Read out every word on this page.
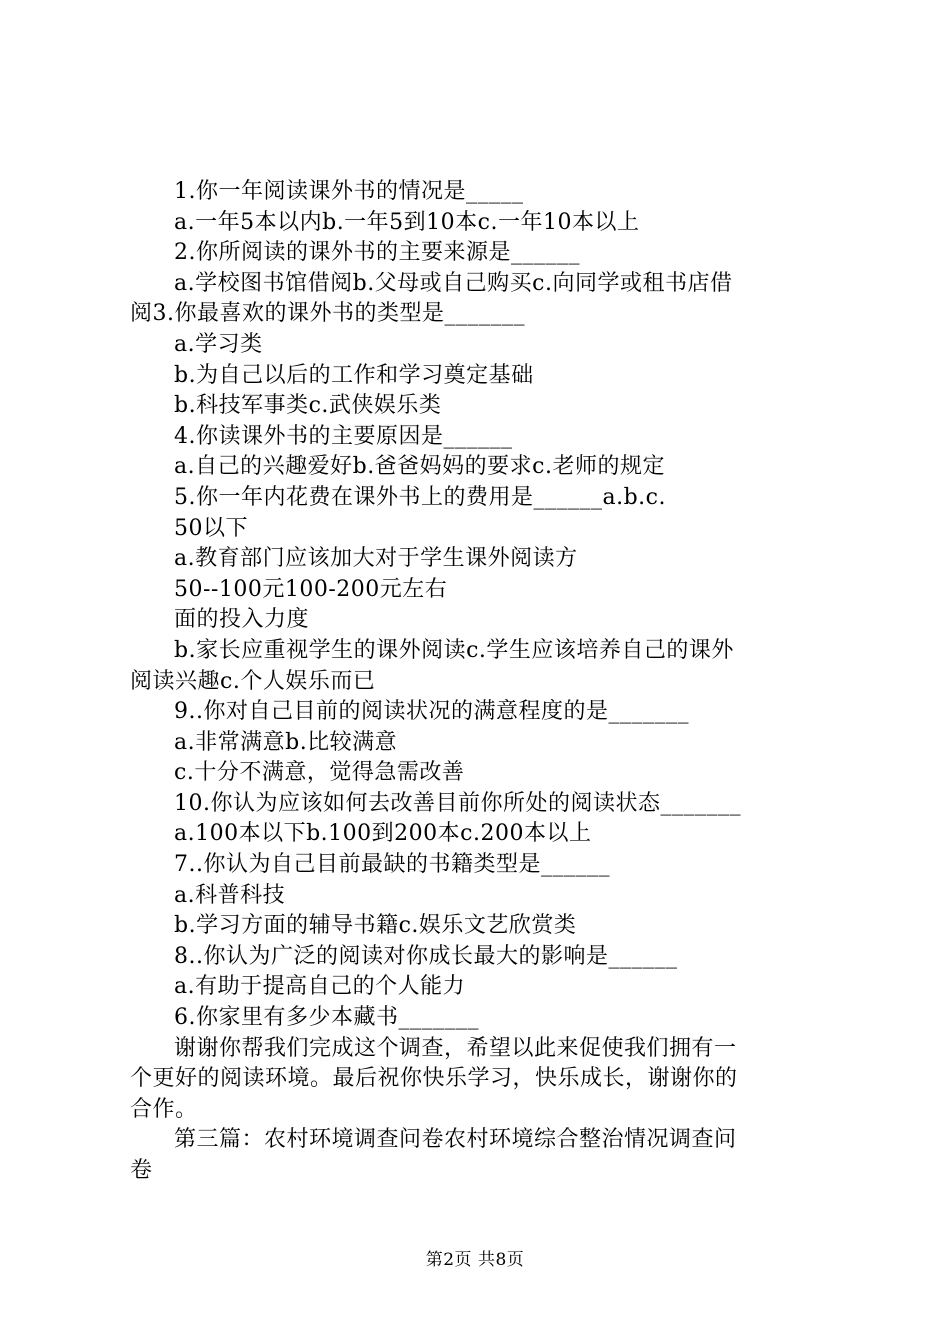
1.你一年阅读课外书的情况是_____
a.一年5本以内b.一年5到10本c.一年10本以上
2.你所阅读的课外书的主要来源是______
a.学校图书馆借阅b.父母或自己购买c.向同学或租书店借
阅3.你最喜欢的课外书的类型是_______
a.学习类
b.为自己以后的工作和学习奠定基础
b.科技军事类c.武侠娱乐类
4.你读课外书的主要原因是______
a.自己的兴趣爱好b.爸爸妈妈的要求c.老师的规定
5.你一年内花费在课外书上的费用是______a.b.c.
50以下
a.教育部门应该加大对于学生课外阅读方
50--100元100-200元左右
面的投入力度
b.家长应重视学生的课外阅读c.学生应该培养自己的课外
阅读兴趣c.个人娱乐而已
9..你对自己目前的阅读状况的满意程度的是_______
a.非常满意b.比较满意
c.十分不满意，觉得急需改善
10.你认为应该如何去改善目前你所处的阅读状态_______
a.100本以下b.100到200本c.200本以上
7..你认为自己目前最缺的书籍类型是______
a.科普科技
b.学习方面的辅导书籍c.娱乐文艺欣赏类
8..你认为广泛的阅读对你成长最大的影响是______
a.有助于提高自己的个人能力
6.你家里有多少本藏书_______
谢谢你帮我们完成这个调查，希望以此来促使我们拥有一
个更好的阅读环境。最后祝你快乐学习，快乐成长，谢谢你的
合作。
第三篇：农村环境调查问卷农村环境综合整治情况调查问
卷
第2页 共8页
